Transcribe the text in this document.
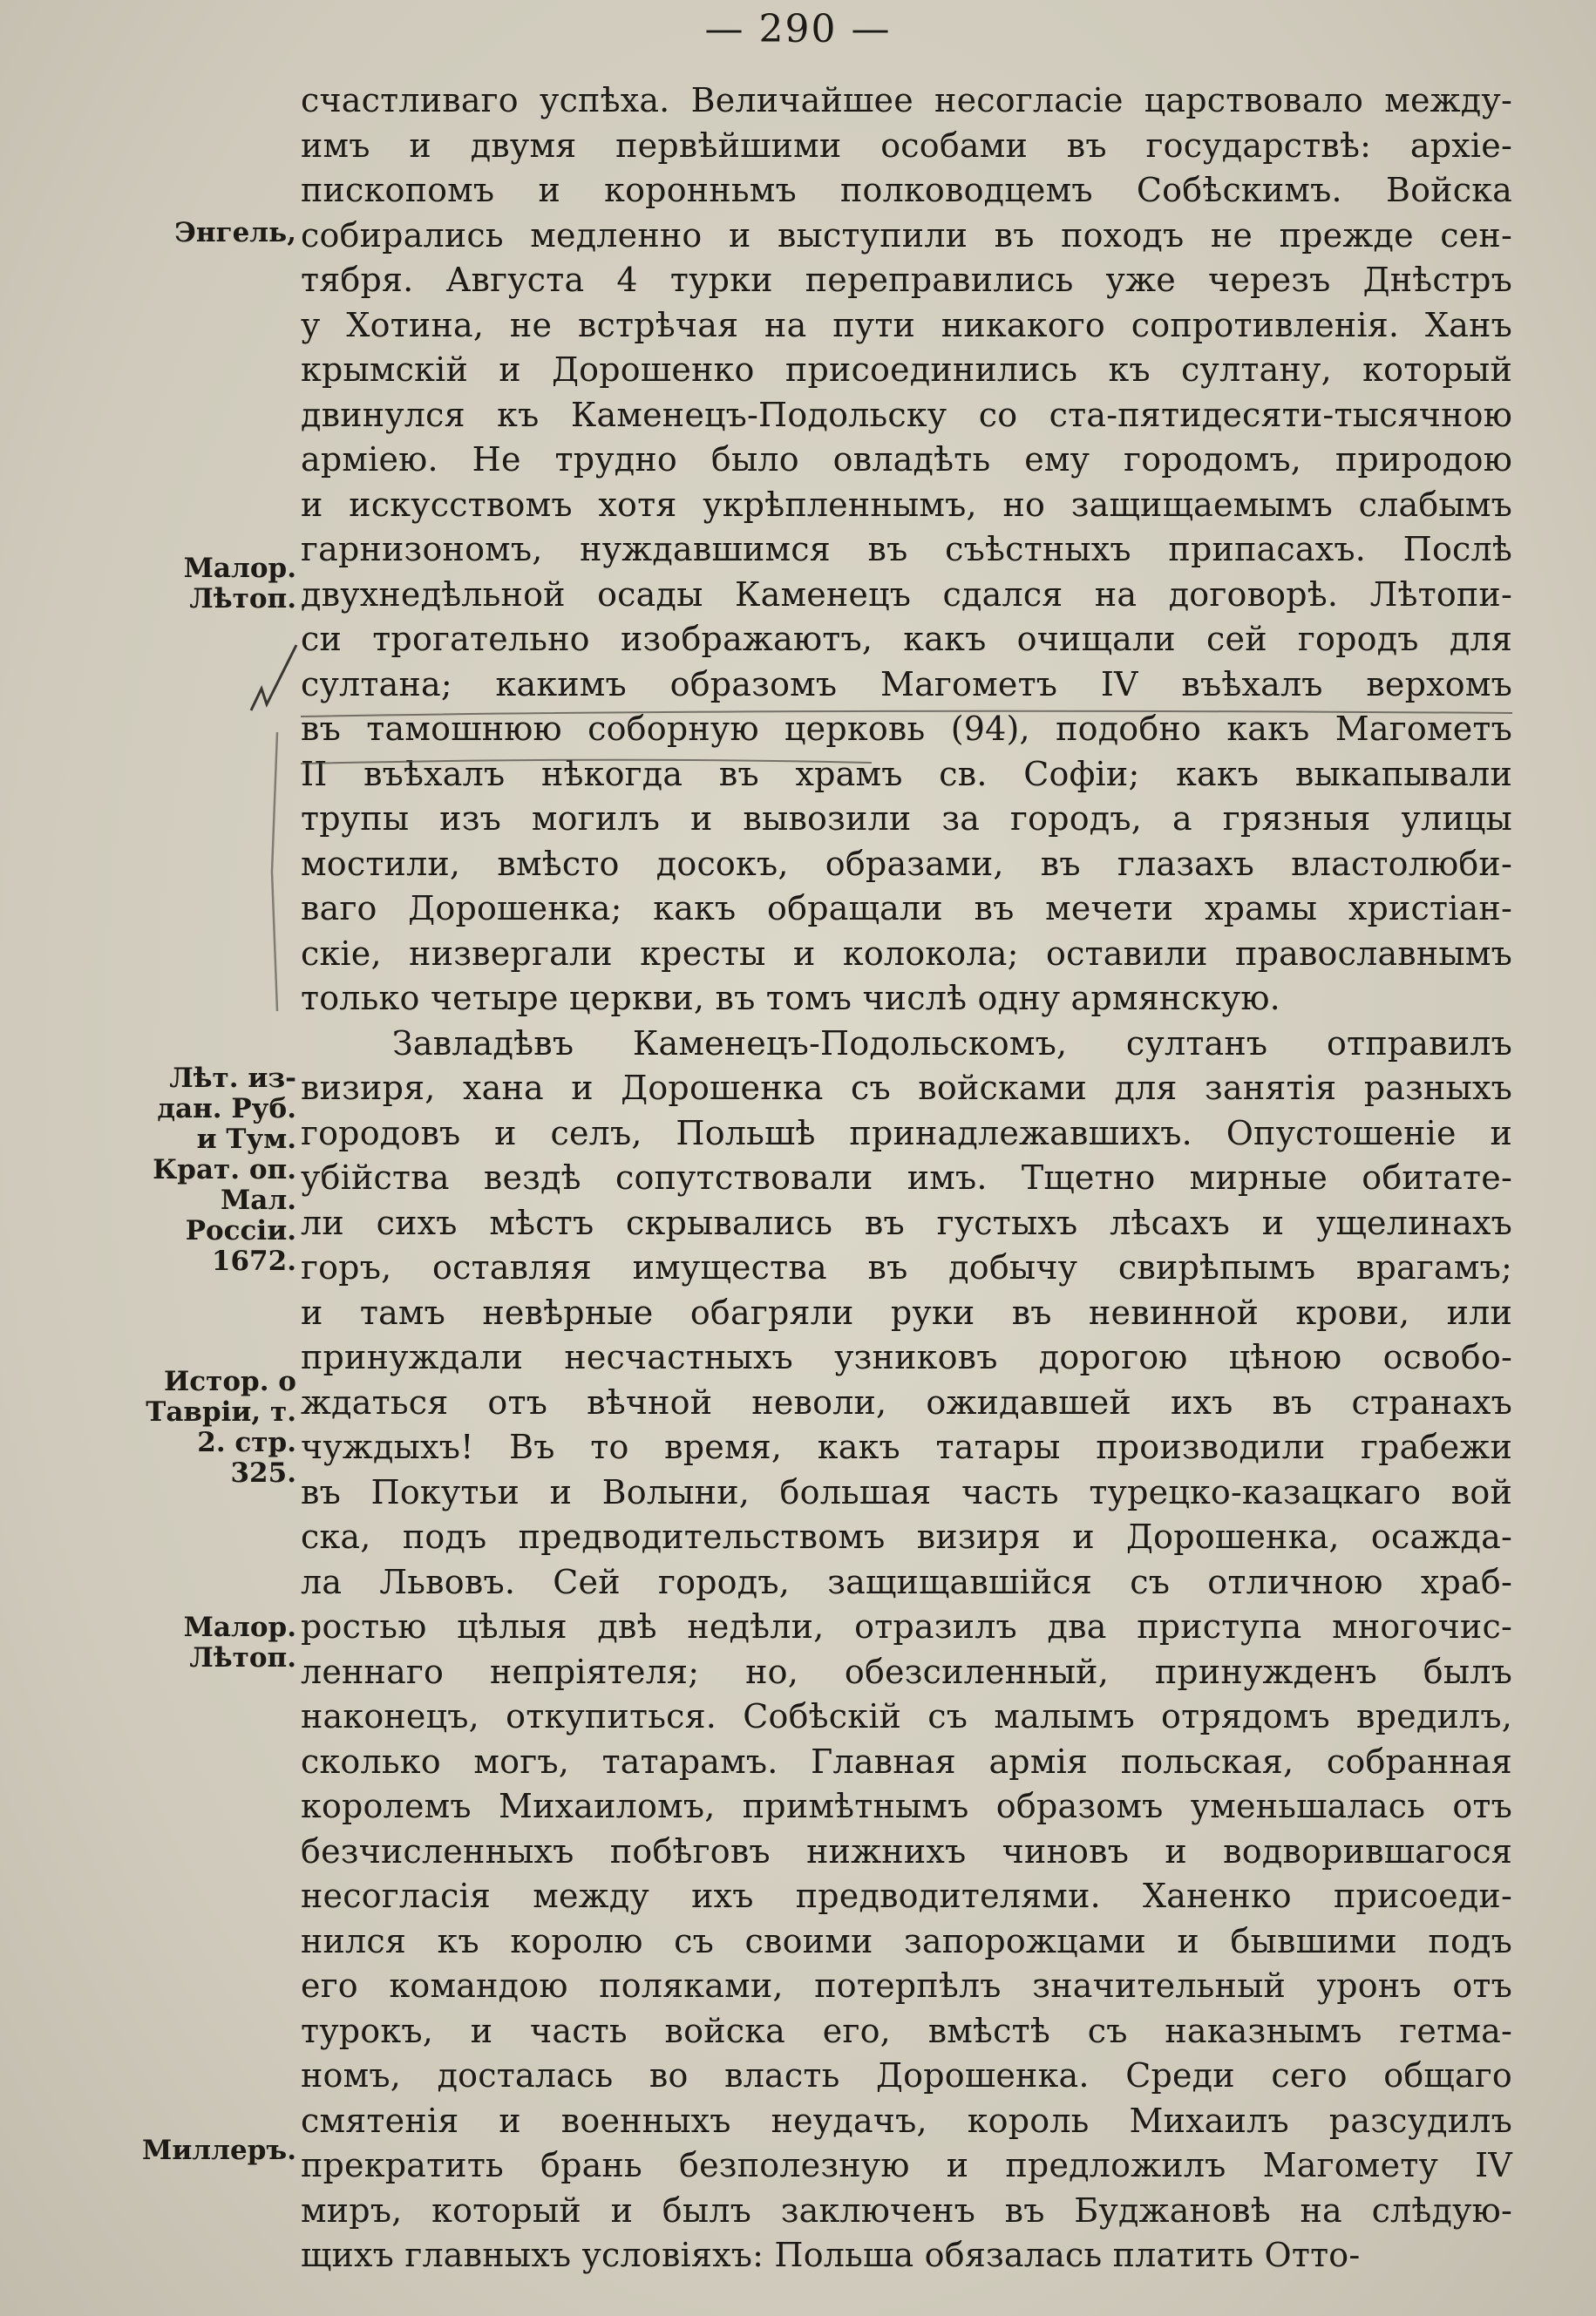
— 290 —
Энгель,
Малор.
Лѣтоп.
Лѣт. из-
дан. Руб.
и Тум.
Крат. оп.
Мал.
Россіи.
1672.
Истор. о
Тавріи, т.
2. стр.
325.
Малор.
Лѣтоп.
Миллеръ.
счастливаго успѣха. Величайшее несогласіе царствовало между-
имъ и двумя первѣйшими особами въ государствѣ: архіе-
пископомъ и коронньмъ полководцемъ Собѣскимъ. Войска
собирались медленно и выступили въ походъ не прежде сен-
тября. Августа 4 турки переправились уже черезъ Днѣстръ
у Хотина, не встрѣчая на пути никакого сопротивленія. Ханъ
крымскій и Дорошенко присоединились къ султану, который
двинулся къ Каменецъ-Подольску со ста-пятидесяти-тысячною
арміею. Не трудно было овладѣть ему городомъ, природою
и искусствомъ хотя укрѣпленнымъ, но защищаемымъ слабымъ
гарнизономъ, нуждавшимся въ съѣстныхъ припасахъ. Послѣ
двухнедѣльной осады Каменецъ сдался на договорѣ. Лѣтопи-
си трогательно изображаютъ, какъ очищали сей городъ для
султана; какимъ образомъ Магометъ IV въѣхалъ верхомъ
въ тамошнюю соборную церковь (94), подобно какъ Магометъ
II въѣхалъ нѣкогда въ храмъ св. Софіи; какъ выкапывали
трупы изъ могилъ и вывозили за городъ, а грязныя улицы
мостили, вмѣсто досокъ, образами, въ глазахъ властолюби-
ваго Дорошенка; какъ обращали въ мечети храмы христіан-
скіе, низвергали кресты и колокола; оставили православнымъ
только четыре церкви, въ томъ числѣ одну армянскую.
Завладѣвъ Каменецъ-Подольскомъ, султанъ отправилъ
визиря, хана и Дорошенка съ войсками для занятія разныхъ
городовъ и селъ, Польшѣ принадлежавшихъ. Опустошеніе и
убійства вездѣ сопутствовали имъ. Тщетно мирные обитате-
ли сихъ мѣстъ скрывались въ густыхъ лѣсахъ и ущелинахъ
горъ, оставляя имущества въ добычу свирѣпымъ врагамъ;
и тамъ невѣрные обагряли руки въ невинной крови, или
принуждали несчастныхъ узниковъ дорогою цѣною освобо-
ждаться отъ вѣчной неволи, ожидавшей ихъ въ странахъ
чуждыхъ! Въ то время, какъ татары производили грабежи
въ Покутьи и Волыни, большая часть турецко-казацкаго вой
ска, подъ предводительствомъ визиря и Дорошенка, осажда-
ла Львовъ. Сей городъ, защищавшійся съ отличною храб-
ростью цѣлыя двѣ недѣли, отразилъ два приступа многочис-
леннаго непріятеля; но, обезсиленный, принужденъ былъ
наконецъ, откупиться. Собѣскій съ малымъ отрядомъ вредилъ,
сколько могъ, татарамъ. Главная армія польская, собранная
королемъ Михаиломъ, примѣтнымъ образомъ уменьшалась отъ
безчисленныхъ побѣговъ нижнихъ чиновъ и водворившагося
несогласія между ихъ предводителями. Ханенко присоеди-
нился къ королю съ своими запорожцами и бывшими подъ
его командою поляками, потерпѣлъ значительный уронъ отъ
турокъ, и часть войска его, вмѣстѣ съ наказнымъ гетма-
номъ, досталась во власть Дорошенка. Среди сего общаго
смятенія и военныхъ неудачъ, король Михаилъ разсудилъ
прекратить брань безполезную и предложилъ Магомету IV
миръ, который и былъ заключенъ въ Буджановѣ на слѣдую-
щихъ главныхъ условіяхъ: Польша обязалась платить Отто-
